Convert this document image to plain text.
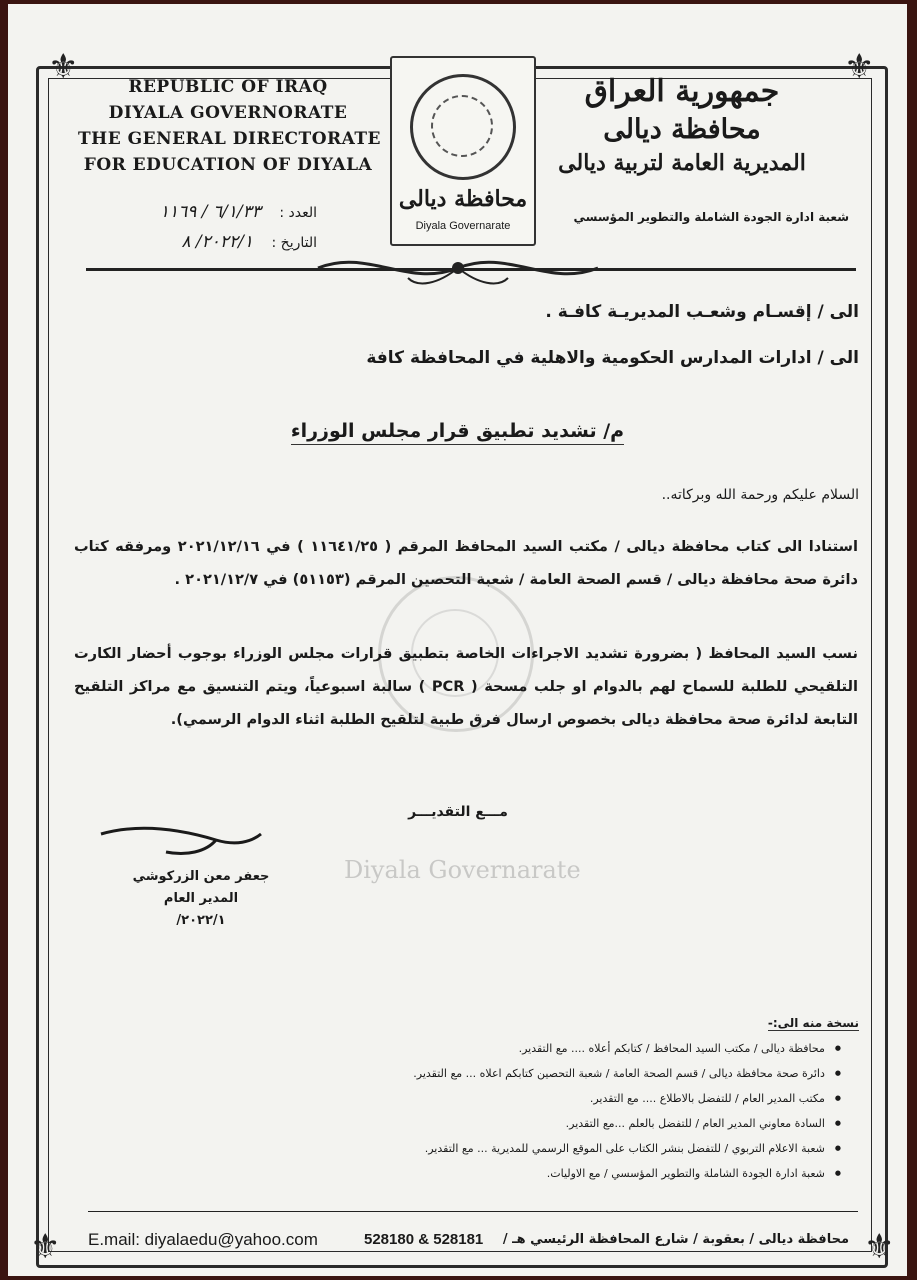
⚜	⚜
⚜	⚜
REPUBLIC OF IRAQ
DIYALA GOVERNORATE
THE GENERAL DIRECTORATE
FOR EDUCATION OF DIYALA
محافظة ديالى
Diyala Governarate
جمهورية العراق
محافظة ديالى
المديرية العامة لتربية ديالى
شعبة ادارة الجودة الشاملة والتطوير المؤسسي
العدد : ٦/١/٣٣ / ١١٦٩
التاريخ : ٢٠٢٢/١/ ٨
الى / إقسـام وشعـب المديريـة كافـة .
الى / ادارات المدارس الحكومية والاهلية في المحافظة كافة
م/ تشديد تطبيق قرار مجلس الوزراء
السلام عليكم ورحمة الله وبركاته..
استنادا الى كتاب محافظة ديالى / مكتب السيد المحافظ المرقم ( ١١٦٤١/٢٥ ) في ٢٠٢١/١٢/١٦ ومرفقه كتاب دائرة صحة محافظة ديالى / قسم الصحة العامة / شعبة التحصين المرقم (٥١١٥٣) في ٢٠٢١/١٢/٧ .
نسب السيد المحافظ ( بضرورة تشديد الاجراءات الخاصة بتطبيق قرارات مجلس الوزراء بوجوب أحضار الكارت التلقيحي للطلبة للسماح لهم بالدوام او جلب مسحة ( PCR ) سالبة اسبوعياً، ويتم التنسيق مع مراكز التلقيح التابعة لدائرة صحة محافظة ديالى بخصوص ارسال فرق طبية لتلقيح الطلبة اثناء الدوام الرسمي).
مـــع التقديـــر
جعفر معن الزركوشي
المدير العام
٢٠٢٢/١/
Diyala Governarate
نسخة منه الى:-
● محافظة ديالى / مكتب السيد المحافظ / كتابكم أعلاه .... مع التقدير.
● دائرة صحة محافظة ديالى / قسم الصحة العامة / شعبة التحصين كتابكم اعلاه ... مع التقدير.
● مكتب المدير العام / للتفضل بالاطلاع .... مع التقدير.
● السادة معاوني المدير العام / للتفضل بالعلم ...مع التقدير.
● شعبة الاعلام التربوي / للتفضل بنشر الكتاب على الموقع الرسمي للمديرية ... مع التقدير.
● شعبة ادارة الجودة الشاملة والتطوير المؤسسي / مع الاوليات.
E.mail: diyalaedu@yahoo.com	528180 & 528181 محافظة ديالى / بعقوبة / شارع المحافظة الرئيسي هـ /
